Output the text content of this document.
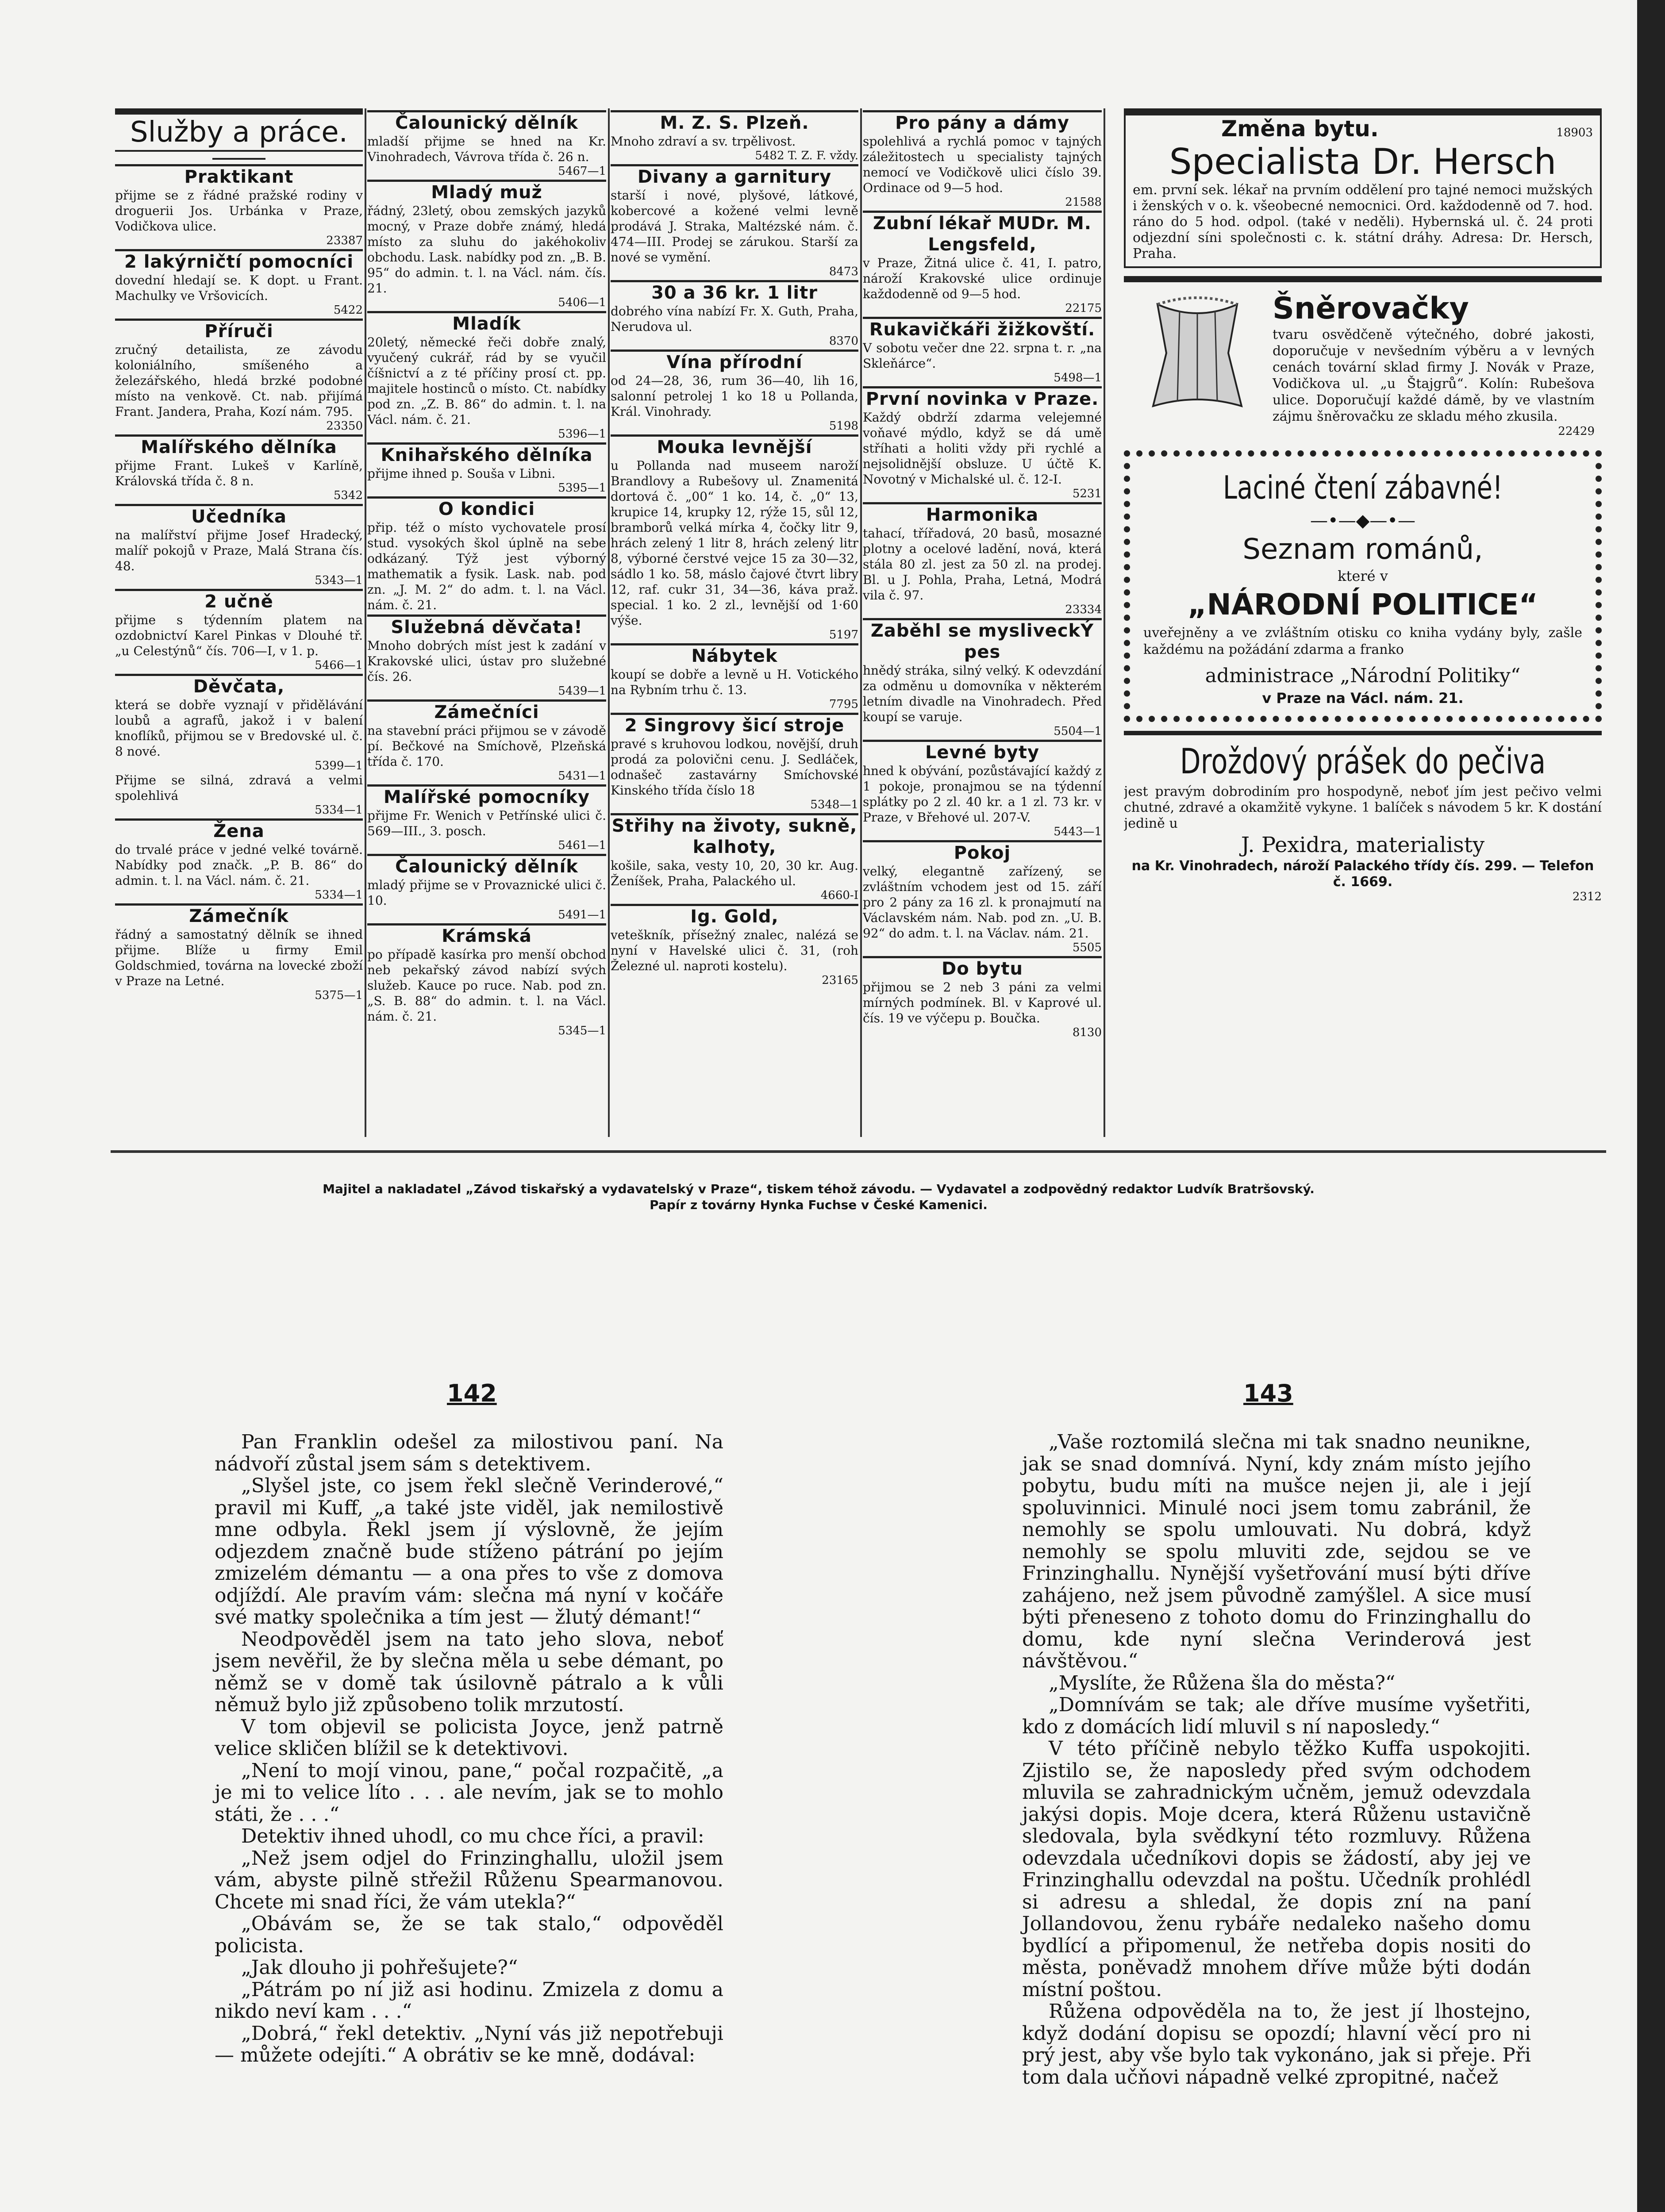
Služby a práce.
Praktikant

přijme se z řádné pražské rodiny v droguerii Jos. Urbánka v Praze, Vodičkova ulice.

23387
2 lakýrničtí pomocníci

dovední hledají se. K dopt. u Frant. Machulky ve Vršovicích.

5422
Příruči

zručný detailista, ze závodu koloniálního, smíšeného a železářského, hledá brzké podobné místo na venkově. Ct. nab. přijímá Frant. Jandera, Praha, Kozí nám. 795.

23350
Malířského dělníka

přijme Frant. Lukeš v Karlíně, Královská třída č. 8 n.

5342
Učedníka

na malířství přijme Josef Hradecký, malíř pokojů v Praze, Malá Strana čís. 48.

5343—1
2 učně

přijme s týdenním platem na ozdobnictví Karel Pinkas v Dlouhé tř. „u Celestýnů“ čís. 706—I, v 1. p.

5466—1
Děvčata,

která se dobře vyznají v přidělávání loubů a agrafů, jakož i v balení knoflíků, přijmou se v Bredovské ul. č. 8 nové.

5399—1

Přijme se silná, zdravá a velmi spolehlivá

5334—1
Žena

do trvalé práce v jedné velké továrně. Nabídky pod značk. „P. B. 86“ do admin. t. l. na Václ. nám. č. 21.

5334—1
Zámečník

řádný a samostatný dělník se ihned přijme. Blíže u firmy Emil Goldschmied, továrna na lovecké zboží v Praze na Letné.

5375—1
Čalounický dělník

mladší přijme se hned na Kr. Vinohradech, Vávrova třída č. 26 n.

5467—1
Mladý muž

řádný, 23letý, obou zemských jazyků mocný, v Praze dobře známý, hledá místo za sluhu do jakéhokoliv obchodu. Lask. nabídky pod zn. „B. B. 95“ do admin. t. l. na Václ. nám. čís. 21.

5406—1
Mladík

20letý, německé řeči dobře znalý, vyučený cukrář, rád by se vyučil číšnictví a z té příčiny prosí ct. pp. majitele hostinců o místo. Ct. nabídky pod zn. „Z. B. 86“ do admin. t. l. na Václ. nám. č. 21.

5396—1
Knihařského dělníka

přijme ihned p. Souša v Libni.

5395—1
O kondici

přip. též o místo vychovatele prosí stud. vysokých škol úplně na sebe odkázaný. Týž jest výborný mathematik a fysik. Lask. nab. pod zn. „J. M. 2“ do adm. t. l. na Václ. nám. č. 21.

Služebná děvčata!

Mnoho dobrých míst jest k zadání v Krakovské ulici, ústav pro služebné čís. 26.

5439—1
Zámečníci

na stavební práci přijmou se v závodě pí. Bečkové na Smíchově, Plzeňská třída č. 170.

5431—1
Malířské pomocníky

přijme Fr. Wenich v Petřínské ulici č. 569—III., 3. posch.

5461—1
Čalounický dělník

mladý přijme se v Provaznické ulici č. 10.

5491—1
Krámská

po případě kasírka pro menší obchod neb pekařský závod nabízí svých služeb. Kauce po ruce. Nab. pod zn. „S. B. 88“ do admin. t. l. na Václ. nám. č. 21.

5345—1
M. Z. S. Plzeň.

Mnoho zdraví a sv. trpělivost.

5482 T. Z. F. vždy.
Divany a garnitury

starší i nové, plyšové, látkové, kobercové a kožené velmi levně prodává J. Straka, Maltézské nám. č. 474—III. Prodej se zárukou. Starší za nové se vymění.

8473
30 a 36 kr. 1 litr

dobrého vína nabízí Fr. X. Guth, Praha, Nerudova ul.

8370
Vína přírodní

od 24—28, 36, rum 36—40, lih 16, salonní petrolej 1 ko 18 u Pollanda, Král. Vinohrady.

5198
Mouka levnější

u Pollanda nad museem naroží Brandlovy a Rubešovy ul. Znamenitá dortová č. „00“ 1 ko. 14, č. „0“ 13, krupice 14, krupky 12, rýže 15, sůl 12, bramborů velká mírka 4, čočky litr 9, hrách zelený 1 litr 8, hrách zelený litr 8, výborné čerstvé vejce 15 za 30—32, sádlo 1 ko. 58, máslo čajové čtvrt libry 12, raf. cukr 31, 34—36, káva praž. special. 1 ko. 2 zl., levnější od 1·60 výše.

5197
Nábytek

koupí se dobře a levně u H. Votického na Rybním trhu č. 13.

7795
2 Singrovy šicí stroje

pravé s kruhovou lodkou, novější, druh prodá za polovični cenu. J. Sedláček, odnašeč zastavárny Smíchovské Kinského třída číslo 18

5348—1
Střihy na životy, sukně, kalhoty,

košile, saka, vesty 10, 20, 30 kr. Aug. Ženíšek, Praha, Palackého ul.

4660-I
Ig. Gold,

veteškník, přísežný znalec, nalézá se nyní v Havelské ulici č. 31, (roh Železné ul. naproti kostelu).

23165
Pro pány a dámy

spolehlivá a rychlá pomoc v tajných záležitostech u specialisty tajných nemocí ve Vodičkově ulici číslo 39. Ordinace od 9—5 hod.

21588
Zubní lékař MUDr. M. Lengsfeld,

v Praze, Žitná ulice č. 41, I. patro, nároží Krakovské ulice ordinuje každodenně od 9—5 hod.

22175
Rukavičkáři žižkovští.

V sobotu večer dne 22. srpna t. r. „na Skleňárce“.

5498—1
První novinka v Praze.

Každý obdrží zdarma velejemné voňavé mýdlo, když se dá umě stříhati a holiti vždy při rychlé a nejsolidnější obsluze. U účtě K. Novotný v Michalské ul. č. 12-I.

5231
Harmonika

tahací, třířadová, 20 basů, mosazné plotny a ocelové ladění, nová, která stála 80 zl. jest za 50 zl. na prodej. Bl. u J. Pohla, Praha, Letná, Modrá vila č. 97.

23334
Zaběhl se mysliveckÝ pes

hnědý stráka, silný velký. K odevzdání za odměnu u domovníka v některém letním divadle na Vinohradech. Před koupí se varuje.

5504—1
Levné byty

hned k obývání, pozůstávající každý z 1 pokoje, pronajmou se na týdenní splátky po 2 zl. 40 kr. a 1 zl. 73 kr. v Praze, v Břehové ul. 207-V.

5443—1
Pokoj

velký, elegantně zařízený, se zvláštním vchodem jest od 15. září pro 2 pány za 16 zl. k pronajmutí na Václavském nám. Nab. pod zn. „U. B. 92“ do adm. t. l. na Václav. nám. 21.

5505
Do bytu

přijmou se 2 neb 3 páni za velmi mírných podmínek. Bl. v Kaprové ul. čís. 19 ve výčepu p. Boučka.

8130
Změna bytu.	18903
Specialista Dr. Hersch

em. první sek. lékař na prvním oddělení pro tajné nemoci mužských i ženských v o. k. všeobecné nemocnici. Ord. každodenně od 7. hod. ráno do 5 hod. odpol. (také v neděli). Hybernská ul. č. 24 proti odjezdní síni společnosti c. k. státní dráhy. Adresa: Dr. Hersch, Praha.

Šněrovačky

tvaru osvědčeně výtečného, dobré jakosti, doporučuje v nevšedním výběru a v levných cenách tovární sklad firmy J. Novák v Praze, Vodičkova ul. „u Štajgrů“. Kolín: Rubešova ulice. Doporučují každé dámě, by ve vlastním zájmu šněrovačku ze skladu mého zkusila.

22429
Laciné čtení zábavné!
—•—◆—•—
Seznam románů,
které v
„NÁRODNÍ POLITICE“

uveřejněny a ve zvláštním otisku co kniha vydány byly, zašle každému na požádání zdarma a franko

administrace „Národní Politiky“
v Praze na Václ. nám. 21.
Droždový prášek do pečiva

jest pravým dobrodiním pro hospodyně, neboť jím jest pečivo velmi chutné, zdravé a okamžitě vykyne. 1 balíček s návodem 5 kr. K dostání jedině u

J. Pexidra, materialisty
na Kr. Vinohradech, nároží Palackého třídy čís. 299. — Telefon č. 1669.
2312
Majitel a nakladatel „Závod tiskařský a vydavatelský v Praze“, tiskem téhož závodu. — Vydavatel a zodpovědný redaktor Ludvík Bratršovský.
Papír z továrny Hynka Fuchse v České Kamenici.
142	143

Pan Franklin odešel za milostivou paní. Na nádvoří zůstal jsem sám s detektivem.

„Slyšel jste, co jsem řekl slečně Verinderové,“ pravil mi Kuff, „a také jste viděl, jak nemilostivě mne odbyla. Řekl jsem jí výslovně, že jejím odjezdem značně bude stíženo pátrání po jejím zmizelém démantu — a ona přes to vše z domova odjíždí. Ale pravím vám: slečna má nyní v kočáře své matky společnika a tím jest — žlutý démant!“

Neodpověděl jsem na tato jeho slova, neboť jsem nevěřil, že by slečna měla u sebe démant, po němž se v domě tak úsilovně pátralo a k vůli němuž bylo již způsobeno tolik mrzutostí.

V tom objevil se policista Joyce, jenž patrně velice skličen blížil se k detektivovi.

„Není to mojí vinou, pane,“ počal rozpačitě, „a je mi to velice líto . . . ale nevím, jak se to mohlo státi, že . . .“

Detektiv ihned uhodl, co mu chce říci, a pravil:

„Než jsem odjel do Frinzinghallu, uložil jsem vám, abyste pilně střežil Růženu Spearmanovou. Chcete mi snad říci, že vám utekla?“

„Obávám se, že se tak stalo,“ odpověděl policista.

„Jak dlouho ji pohřešujete?“

„Pátrám po ní již asi hodinu. Zmizela z domu a nikdo neví kam . . .“

„Dobrá,“ řekl detektiv. „Nyní vás již nepotřebuji — můžete odejíti.“ A obrátiv se ke mně, dodával:

„Vaše roztomilá slečna mi tak snadno neunikne, jak se snad domnívá. Nyní, kdy znám místo jejího pobytu, budu míti na mušce nejen ji, ale i její spoluvinnici. Minulé noci jsem tomu zabránil, že nemohly se spolu umlouvati. Nu dobrá, když nemohly se spolu mluviti zde, sejdou se ve Frinzinghallu. Nynější vyšetřování musí býti dříve zahájeno, než jsem původně zamýšlel. A sice musí býti přeneseno z tohoto domu do Frinzinghallu do domu, kde nyní slečna Verinderová jest návštěvou.“

„Myslíte, že Růžena šla do města?“

„Domnívám se tak; ale dříve musíme vyšetřiti, kdo z domácích lidí mluvil s ní naposledy.“

V této příčině nebylo těžko Kuffa uspokojiti. Zjistilo se, že naposledy před svým odchodem mluvila se zahradnickým učněm, jemuž odevzdala jakýsi dopis. Moje dcera, která Růženu ustavičně sledovala, byla svědkyní této rozmluvy. Růžena odevzdala učedníkovi dopis se žádostí, aby jej ve Frinzinghallu odevzdal na poštu. Učedník prohlédl si adresu a shledal, že dopis zní na paní Jollandovou, ženu rybáře nedaleko našeho domu bydlící a připomenul, že netřeba dopis nositi do města, poněvadž mnohem dříve může býti dodán místní poštou.

Růžena odpověděla na to, že jest jí lhostejno, když dodání dopisu se opozdí; hlavní věcí pro ni prý jest, aby vše bylo tak vykonáno, jak si přeje. Při tom dala učňovi nápadně velké zpropitné, načež
